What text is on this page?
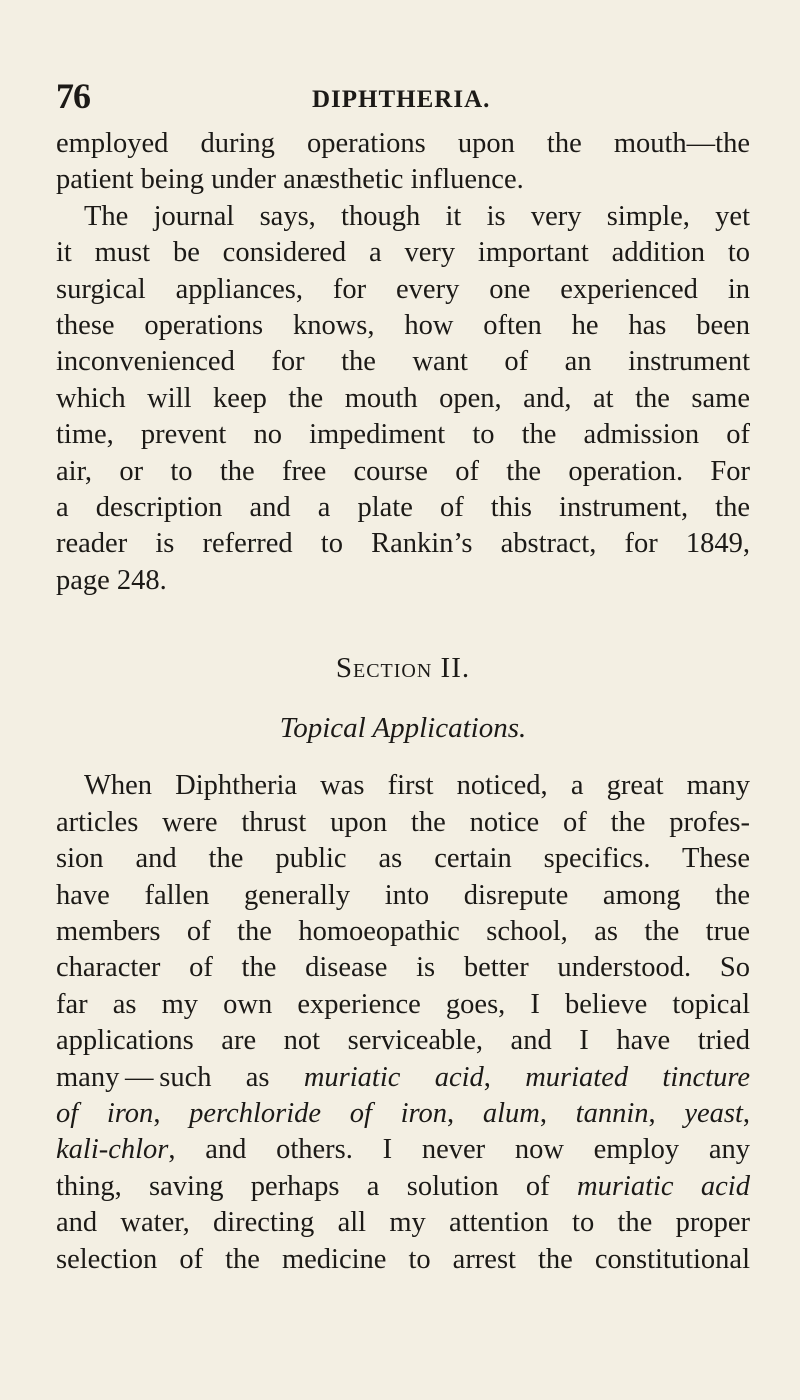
76	DIPHTHERIA.
employed during operations upon the mouth—the
patient being under anæsthetic influence.
The journal says, though it is very simple, yet
it must be considered a very important addition to
surgical appliances, for every one experienced in
these operations knows, how often he has been
inconvenienced for the want of an instrument
which will keep the mouth open, and, at the same
time, prevent no impediment to the admission of
air, or to the free course of the operation. For
a description and a plate of this instrument, the
reader is referred to Rankin’s abstract, for 1849,
page 248.
Section II.
Topical Applications.
When Diphtheria was first noticed, a great many
articles were thrust upon the notice of the profes-
sion and the public as certain specifics. These
have fallen generally into disrepute among the
members of the homoeopathic school, as the true
character of the disease is better understood. So
far as my own experience goes, I believe topical
applications are not serviceable, and I have tried
many — such as muriatic acid, muriated tincture
of iron, perchloride of iron, alum, tannin, yeast,
kali-chlor, and others. I never now employ any
thing, saving perhaps a solution of muriatic acid
and water, directing all my attention to the proper
selection of the medicine to arrest the constitutional
